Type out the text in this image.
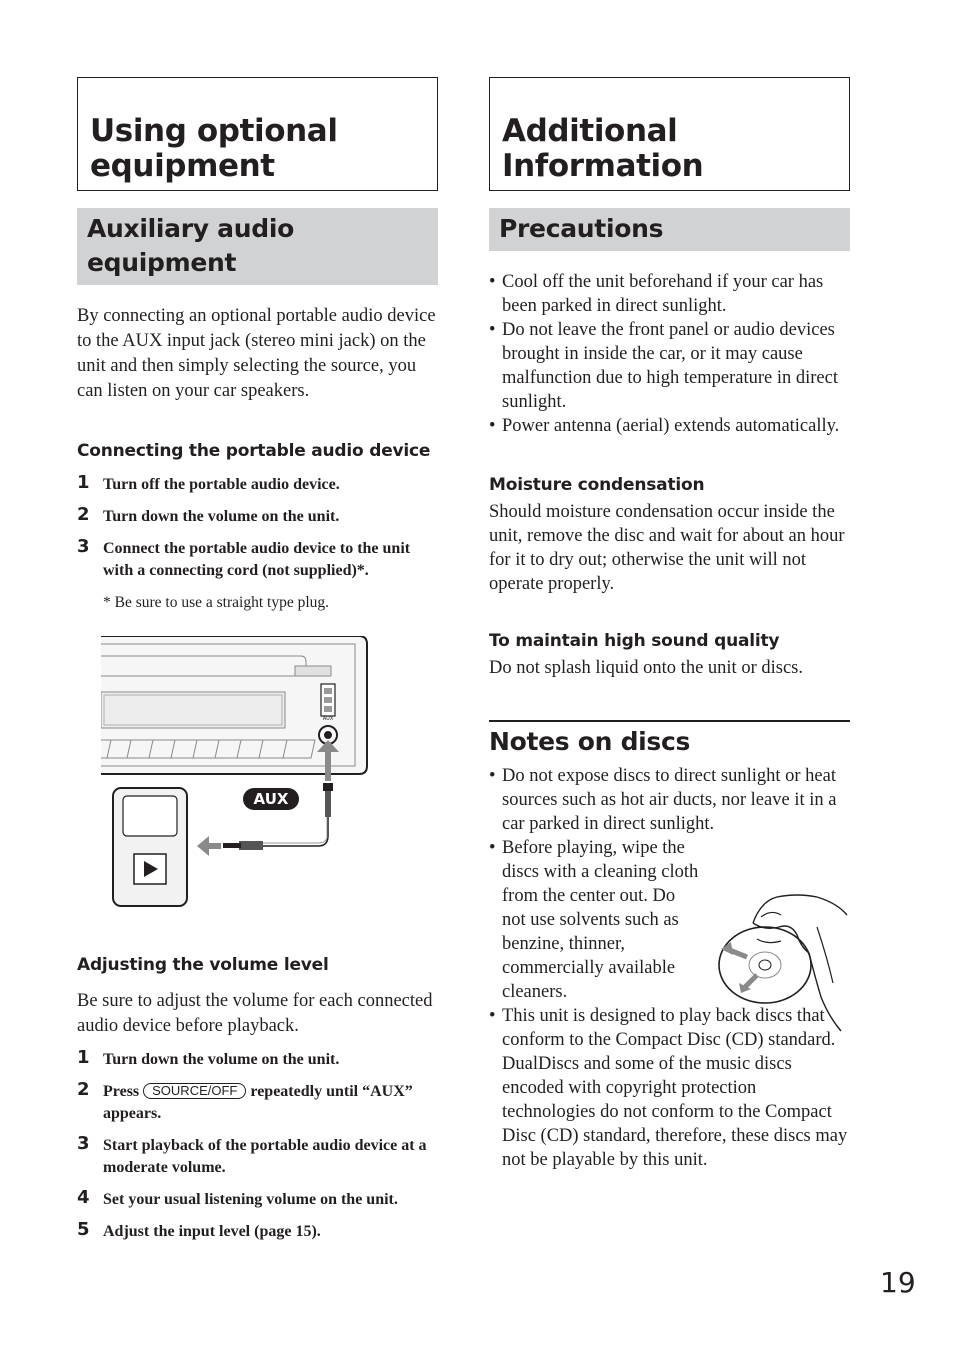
Using optional equipment
Auxiliary audio equipment

By connecting an optional portable audio device to the AUX input jack (stereo mini jack) on the unit and then simply selecting the source, you can listen on your car speakers.

Connecting the portable audio device
1 Turn off the portable audio device.
2 Turn down the volume on the unit.
3 Connect the portable audio device to the unit with a connecting cord (not supplied)*.
* Be sure to use a straight type plug.
AUX
AUX
Adjusting the volume level

Be sure to adjust the volume for each connected audio device before playback.

1 Turn down the volume on the unit.
2 Press SOURCE/OFF repeatedly until “AUX” appears.
3 Start playback of the portable audio device at a moderate volume.
4 Set your usual listening volume on the unit.
5 Adjust the input level (page 15).
Additional Information
Precautions
• Cool off the unit beforehand if your car has been parked in direct sunlight.
• Do not leave the front panel or audio devices brought in inside the car, or it may cause malfunction due to high temperature in direct sunlight.
• Power antenna (aerial) extends automatically.
Moisture condensation

Should moisture condensation occur inside the unit, remove the disc and wait for about an hour for it to dry out; otherwise the unit will not operate properly.

To maintain high sound quality

Do not splash liquid onto the unit or discs.

Notes on discs
• Do not expose discs to direct sunlight or heat sources such as hot air ducts, nor leave it in a car parked in direct sunlight.
• Before playing, wipe the discs with a cleaning cloth from the center out. Do not use solvents such as benzine, thinner, commercially available cleaners.
• This unit is designed to play back discs that conform to the Compact Disc (CD) standard. DualDiscs and some of the music discs encoded with copyright protection technologies do not conform to the Compact Disc (CD) standard, therefore, these discs may not be playable by this unit.
19
